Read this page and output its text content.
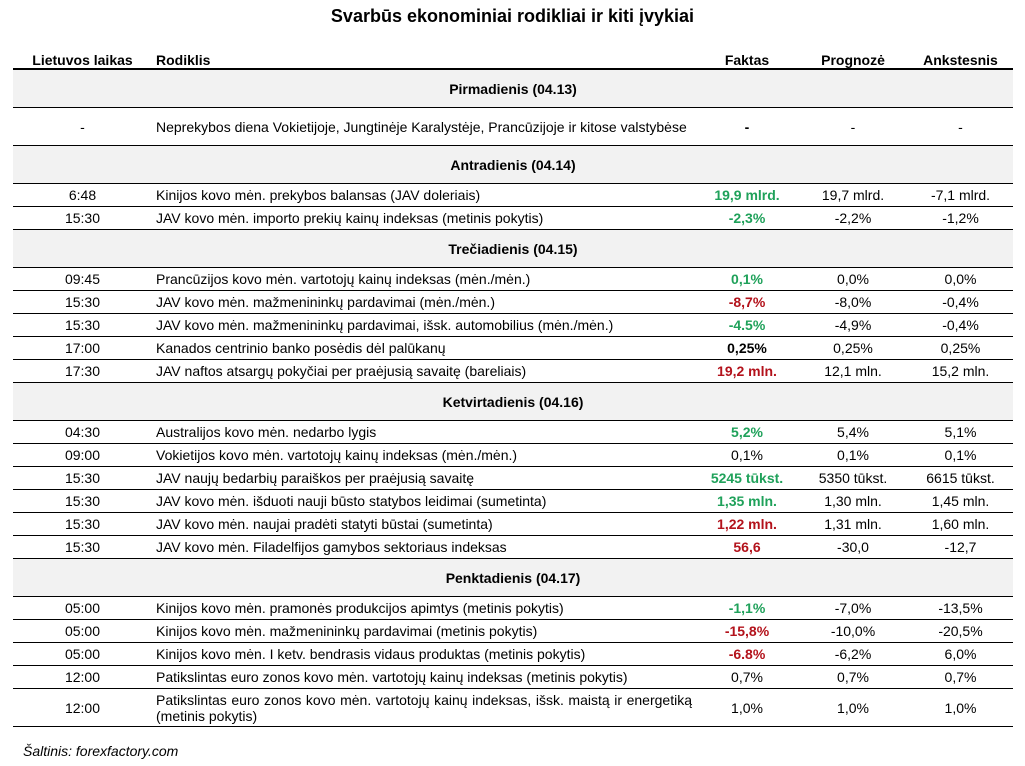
Svarbūs ekonominiai rodikliai ir kiti įvykiai
Lietuvos laikas	Rodiklis	Faktas	Prognozė	Ankstesnis
Pirmadienis (04.13)				
-	Neprekybos diena Vokietijoje, Jungtinėje Karalystėje, Prancūzijoje ir kitose valstybėse	-	-	-
Antradienis (04.14)				
6:48	Kinijos kovo mėn. prekybos balansas (JAV doleriais)	19,9 mlrd.	19,7 mlrd.	-7,1 mlrd.
15:30	JAV kovo mėn. importo prekių kainų indeksas (metinis pokytis)	-2,3%	-2,2%	-1,2%
Trečiadienis (04.15)				
09:45	Prancūzijos kovo mėn. vartotojų kainų indeksas (mėn./mėn.)	0,1%	0,0%	0,0%
15:30	JAV kovo mėn. mažmenininkų pardavimai (mėn./mėn.)	-8,7%	-8,0%	-0,4%
15:30	JAV kovo mėn. mažmenininkų pardavimai, išsk. automobilius (mėn./mėn.)	-4.5%	-4,9%	-0,4%
17:00	Kanados centrinio banko posėdis dėl palūkanų	0,25%	0,25%	0,25%
17:30	JAV naftos atsargų pokyčiai per praėjusią savaitę (bareliais)	19,2 mln.	12,1 mln.	15,2 mln.
Ketvirtadienis (04.16)				
04:30	Australijos kovo mėn. nedarbo lygis	5,2%	5,4%	5,1%
09:00	Vokietijos kovo mėn. vartotojų kainų indeksas (mėn./mėn.)	0,1%	0,1%	0,1%
15:30	JAV naujų bedarbių paraiškos per praėjusią savaitę	5245 tūkst.	5350 tūkst.	6615 tūkst.
15:30	JAV kovo mėn. išduoti nauji būsto statybos leidimai (sumetinta)	1,35 mln.	1,30 mln.	1,45 mln.
15:30	JAV kovo mėn. naujai pradėti statyti būstai (sumetinta)	1,22 mln.	1,31 mln.	1,60 mln.
15:30	JAV kovo mėn. Filadelfijos gamybos sektoriaus indeksas	56,6	-30,0	-12,7
Penktadienis (04.17)				
05:00	Kinijos kovo mėn. pramonės produkcijos apimtys (metinis pokytis)	-1,1%	-7,0%	-13,5%
05:00	Kinijos kovo mėn. mažmenininkų pardavimai (metinis pokytis)	-15,8%	-10,0%	-20,5%
05:00	Kinijos kovo mėn. I ketv. bendrasis vidaus produktas (metinis pokytis)	-6.8%	-6,2%	6,0%
12:00	Patikslintas euro zonos kovo mėn. vartotojų kainų indeksas (metinis pokytis)	0,7%	0,7%	0,7%
12:00	Patikslintas euro zonos kovo mėn. vartotojų kainų indeksas, išsk. maistą ir energetiką (metinis pokytis)	1,0%	1,0%	1,0%
Šaltinis: forexfactory.com
